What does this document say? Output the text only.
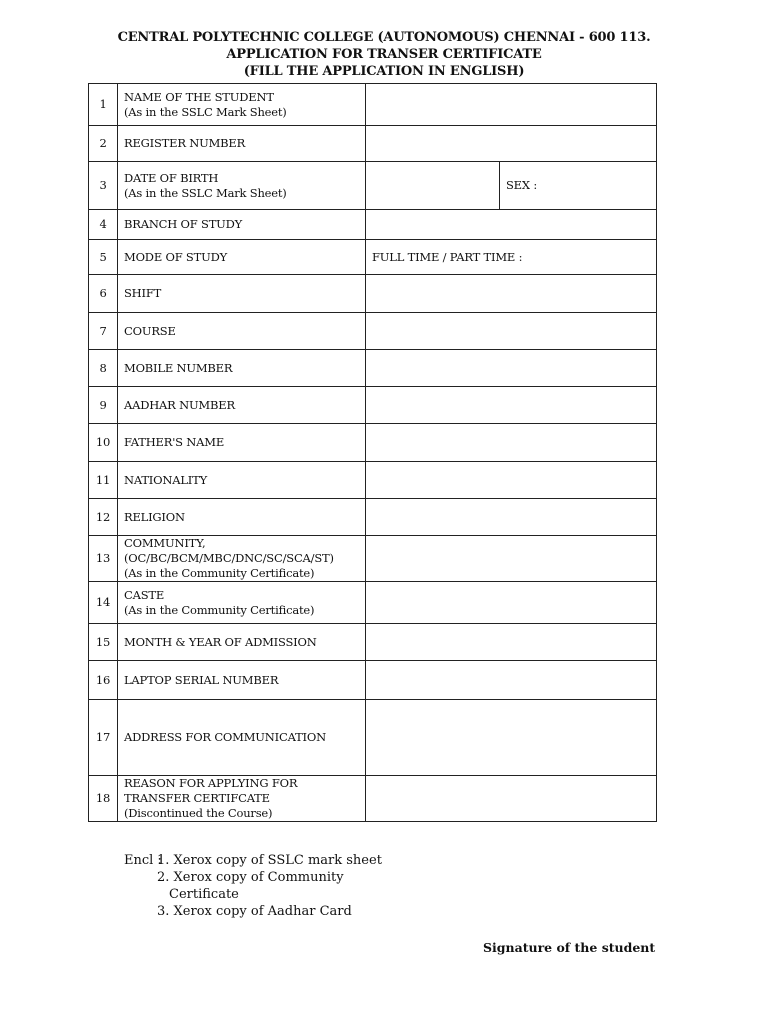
CENTRAL POLYTECHNIC COLLEGE (AUTONOMOUS) CHENNAI - 600 113.
APPLICATION FOR TRANSER CERTIFICATE
(FILL THE APPLICATION IN ENGLISH)
1	NAME OF THE STUDENT
(As in the SSLC Mark Sheet)		

2	REGISTER NUMBER		

3	DATE OF BIRTH
(As in the SSLC Mark Sheet)		SEX :
4	BRANCH OF STUDY		

5	MODE OF STUDY	FULL TIME / PART TIME :	
6	SHIFT		

7	COURSE		

8	MOBILE NUMBER		

9	AADHAR NUMBER		

10	FATHER'S NAME		

11	NATIONALITY		

12	RELIGION		

13	COMMUNITY,
(OC/BC/BCM/MBC/DNC/SC/SCA/ST)
(As in the Community Certificate)		

14	CASTE
(As in the Community Certificate)		

15	MONTH & YEAR OF ADMISSION		

16	LAPTOP SERIAL NUMBER		

17	ADDRESS FOR COMMUNICATION		

18	REASON FOR APPLYING FOR
TRANSFER CERTIFCATE
(Discontinued the Course)		

Encl :
1. Xerox copy of SSLC mark sheet
2. Xerox copy of Community
Certificate
3. Xerox copy of Aadhar Card
Signature of the student
